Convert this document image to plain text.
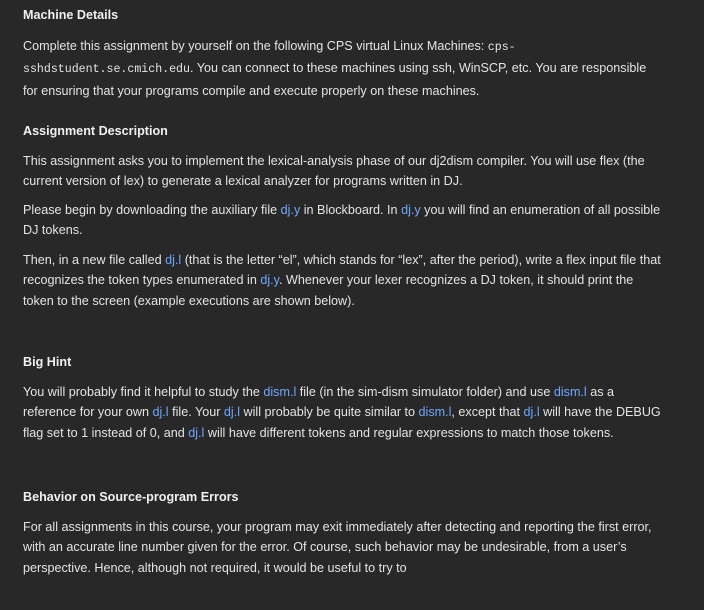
Machine Details
Complete this assignment by yourself on the following CPS virtual Linux Machines: cps-sshdstudent.se.cmich.edu. You can connect to these machines using ssh, WinSCP, etc. You are responsible for ensuring that your programs compile and execute properly on these machines.
Assignment Description
This assignment asks you to implement the lexical-analysis phase of our dj2dism compiler. You will use flex (the current version of lex) to generate a lexical analyzer for programs written in DJ.
Please begin by downloading the auxiliary file dj.y in Blockboard. In dj.y you will find an enumeration of all possible DJ tokens.
Then, in a new file called dj.l (that is the letter “el”, which stands for “lex”, after the period), write a flex input file that recognizes the token types enumerated in dj.y. Whenever your lexer recognizes a DJ token, it should print the token to the screen (example executions are shown below).
Big Hint
You will probably find it helpful to study the dism.l file (in the sim-dism simulator folder) and use dism.l as a reference for your own dj.l file. Your dj.l will probably be quite similar to dism.l, except that dj.l will have the DEBUG flag set to 1 instead of 0, and dj.l will have different tokens and regular expressions to match those tokens.
Behavior on Source-program Errors
For all assignments in this course, your program may exit immediately after detecting and reporting the first error, with an accurate line number given for the error. Of course, such behavior may be undesirable, from a user’s perspective. Hence, although not required, it would be useful to try to
